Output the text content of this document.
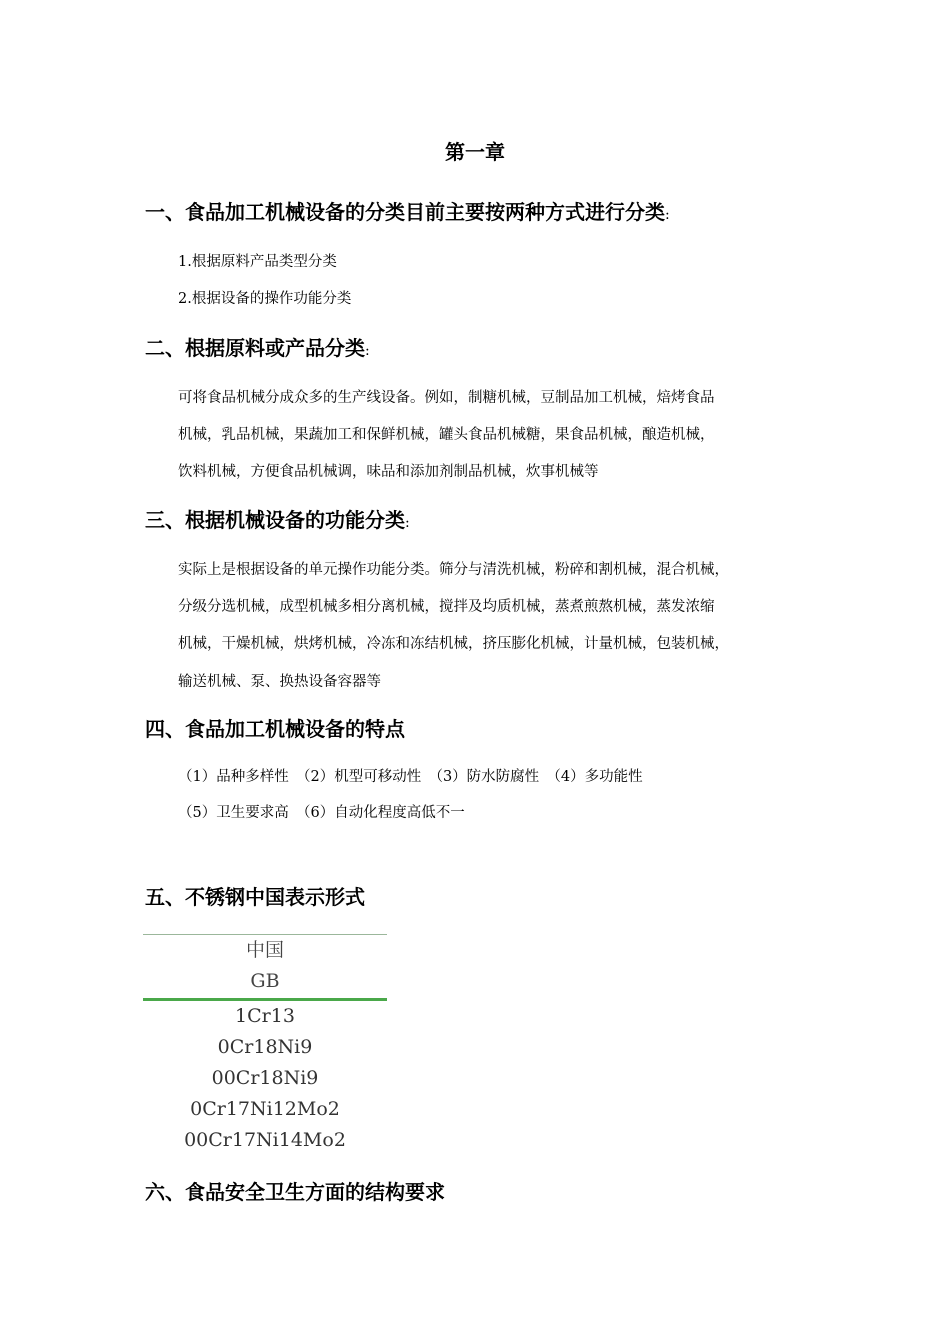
第一章
一、食品加工机械设备的分类目前主要按两种方式进行分类:
1.根据原料产品类型分类
2.根据设备的操作功能分类
二、根据原料或产品分类:
可将食品机械分成众多的生产线设备。例如，制糖机械，豆制品加工机械，焙烤食品
机械，乳品机械，果蔬加工和保鲜机械，罐头食品机械糖，果食品机械，酿造机械，
饮料机械，方便食品机械调，味品和添加剂制品机械，炊事机械等
三、根据机械设备的功能分类:
实际上是根据设备的单元操作功能分类。筛分与清洗机械，粉碎和割机械，混合机械，
分级分选机械，成型机械多相分离机械，搅拌及均质机械，蒸煮煎熬机械，蒸发浓缩
机械，干燥机械，烘烤机械，冷冻和冻结机械，挤压膨化机械，计量机械，包装机械，
输送机械、泵、换热设备容器等
四、食品加工机械设备的特点
（1）品种多样性　（2）机型可移动性　（3）防水防腐性　（4）多功能性
（5）卫生要求高　（6）自动化程度高低不一
五、不锈钢中国表示形式
中国
GB
1Cr13
0Cr18Ni9
00Cr18Ni9
0Cr17Ni12Mo2
00Cr17Ni14Mo2
六、食品安全卫生方面的结构要求
